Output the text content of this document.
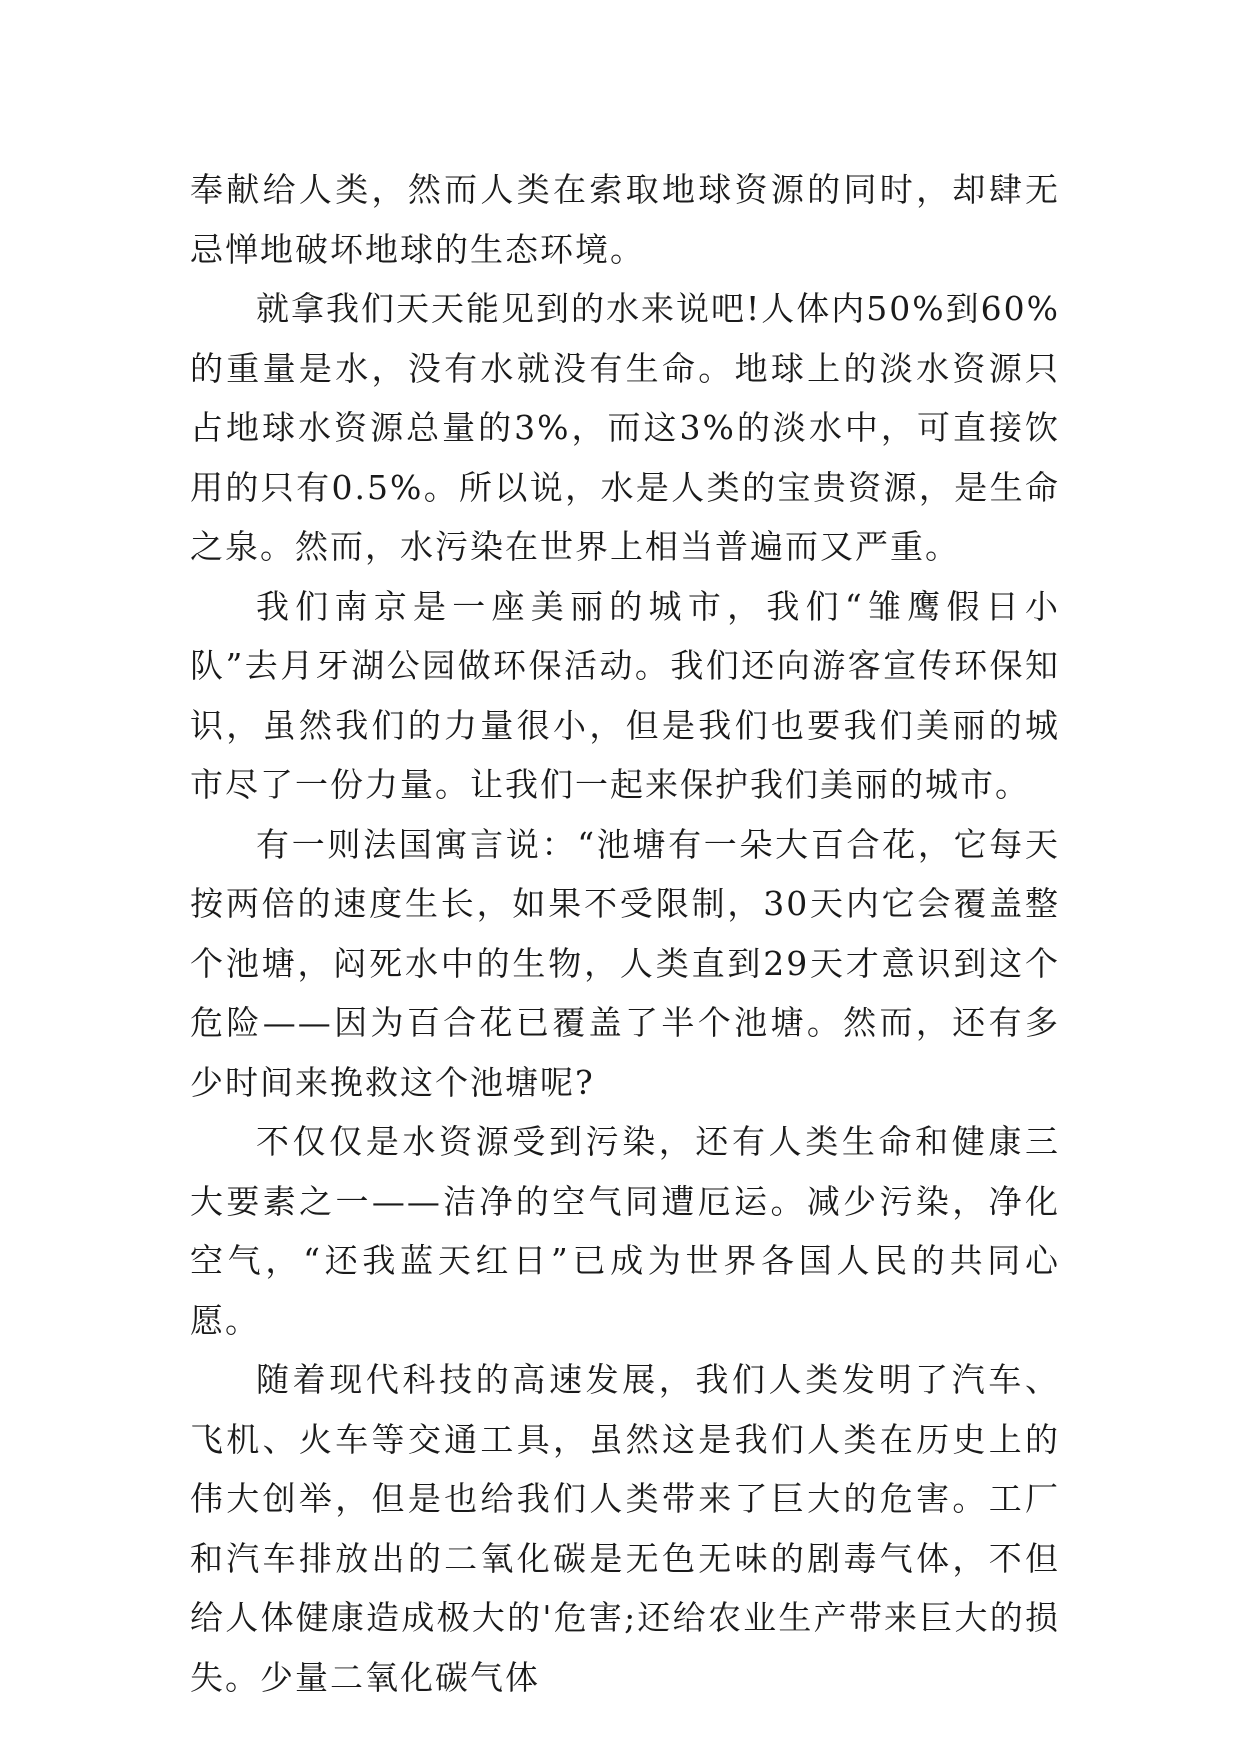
奉献给人类，然而人类在索取地球资源的同时，却肆无忌惮地破坏地球的生态环境。

就拿我们天天能见到的水来说吧!人体内50%到60%的重量是水，没有水就没有生命。地球上的淡水资源只占地球水资源总量的3%，而这3%的淡水中，可直接饮用的只有0.5%。所以说，水是人类的宝贵资源，是生命之泉。然而，水污染在世界上相当普遍而又严重。

我们南京是一座美丽的城市，我们“雏鹰假日小队”去月牙湖公园做环保活动。我们还向游客宣传环保知识，虽然我们的力量很小，但是我们也要我们美丽的城市尽了一份力量。让我们一起来保护我们美丽的城市。

有一则法国寓言说：“池塘有一朵大百合花，它每天按两倍的速度生长，如果不受限制，30天内它会覆盖整个池塘，闷死水中的生物，人类直到29天才意识到这个危险——因为百合花已覆盖了半个池塘。然而，还有多少时间来挽救这个池塘呢?

不仅仅是水资源受到污染，还有人类生命和健康三大要素之一——洁净的空气同遭厄运。减少污染，净化空气，“还我蓝天红日”已成为世界各国人民的共同心愿。

随着现代科技的高速发展，我们人类发明了汽车、飞机、火车等交通工具，虽然这是我们人类在历史上的伟大创举，但是也给我们人类带来了巨大的危害。工厂和汽车排放出的二氧化碳是无色无味的剧毒气体，不但给人体健康造成极大的'危害;还给农业生产带来巨大的损失。少量二氧化碳气体
